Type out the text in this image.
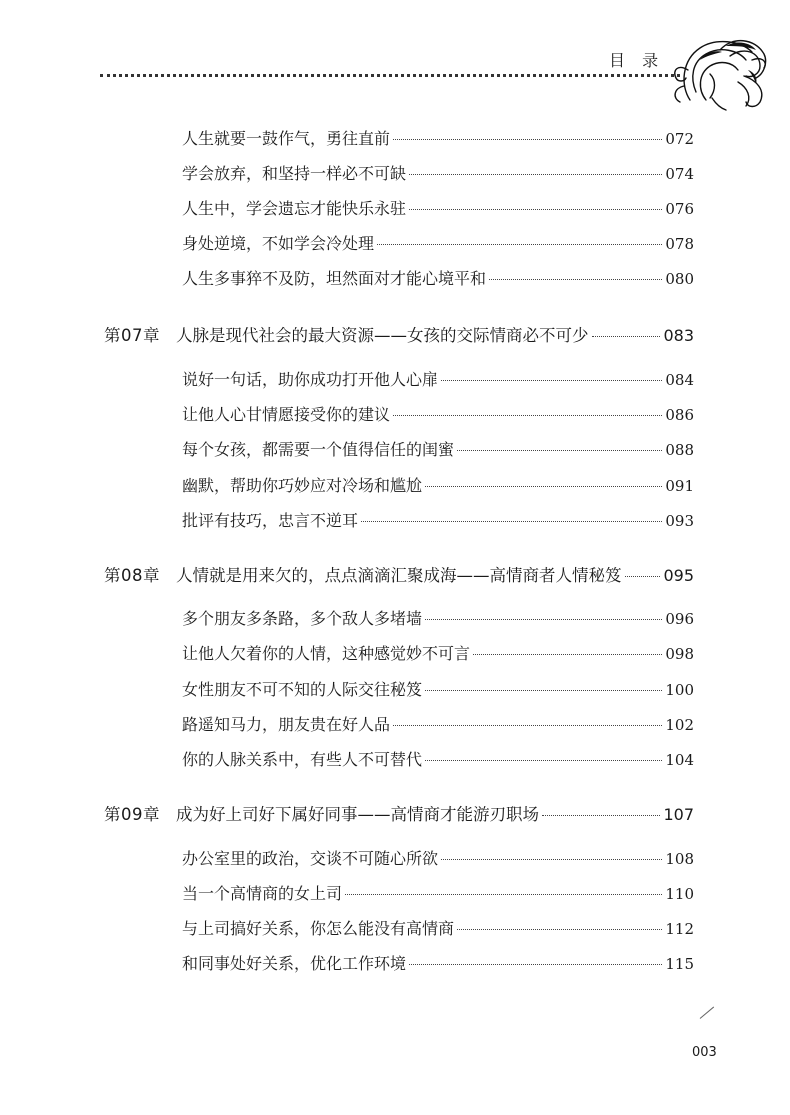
目 录
人生就要一鼓作气，勇往直前	072
学会放弃，和坚持一样必不可缺	074
人生中，学会遗忘才能快乐永驻	076
身处逆境，不如学会冷处理	078
人生多事猝不及防，坦然面对才能心境平和	080
第07章 人脉是现代社会的最大资源——女孩的交际情商必不可少	083
说好一句话，助你成功打开他人心扉	084
让他人心甘情愿接受你的建议	086
每个女孩，都需要一个值得信任的闺蜜	088
幽默，帮助你巧妙应对冷场和尴尬	091
批评有技巧，忠言不逆耳	093
第08章 人情就是用来欠的，点点滴滴汇聚成海——高情商者人情秘笈	095
多个朋友多条路，多个敌人多堵墙	096
让他人欠着你的人情，这种感觉妙不可言	098
女性朋友不可不知的人际交往秘笈	100
路遥知马力，朋友贵在好人品	102
你的人脉关系中，有些人不可替代	104
第09章 成为好上司好下属好同事——高情商才能游刃职场	107
办公室里的政治，交谈不可随心所欲	108
当一个高情商的女上司	110
与上司搞好关系，你怎么能没有高情商	112
和同事处好关系，优化工作环境	115
003
